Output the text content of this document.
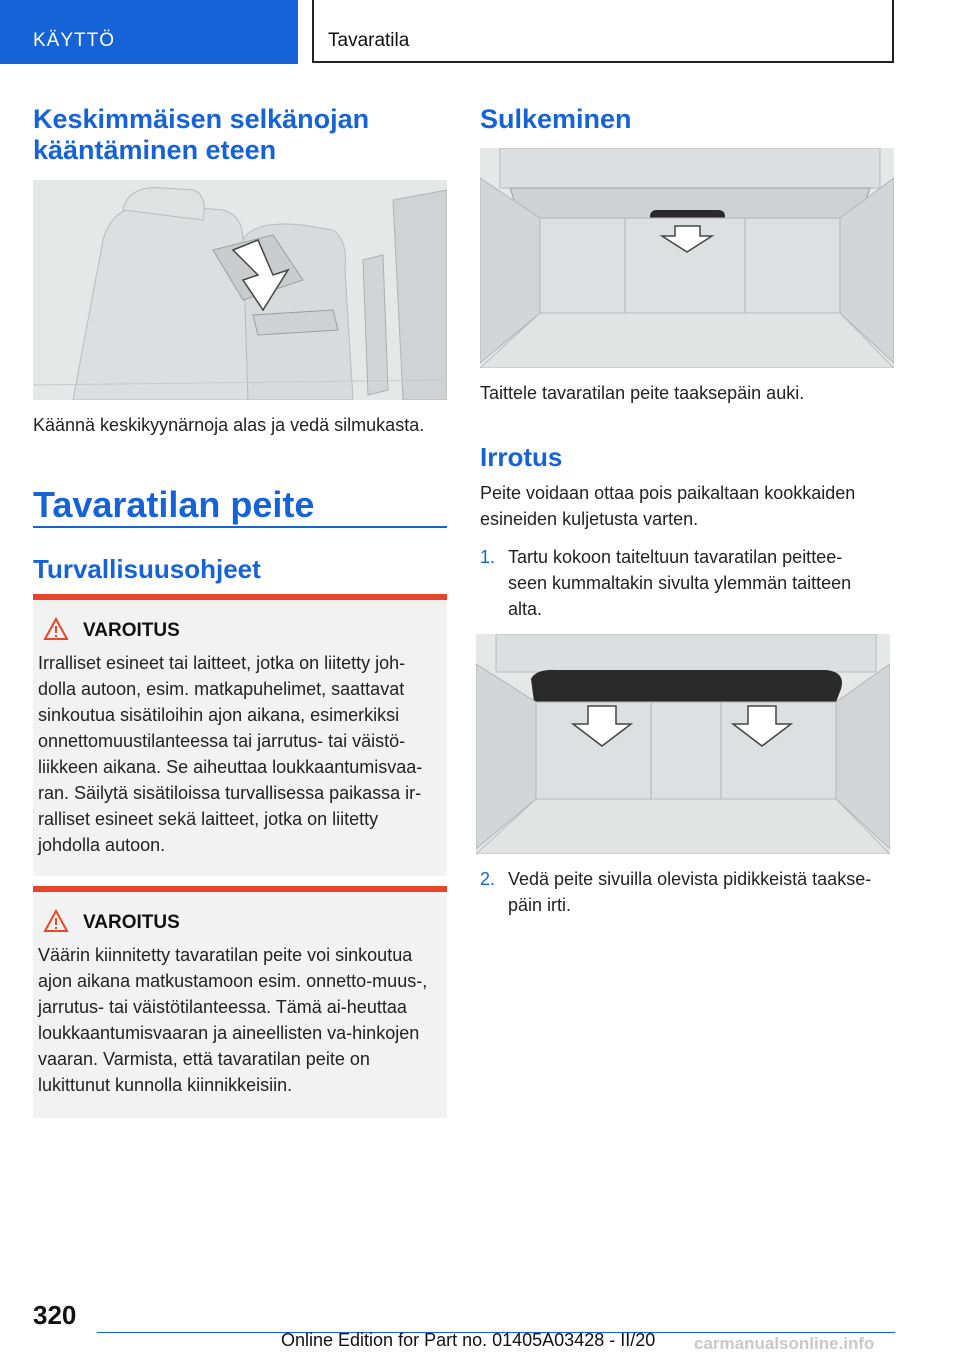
KÄYTTÖ	Tavaratila
Keskimmäisen selkänojan kääntäminen eteen
Käännä keskikyynärnoja alas ja vedä silmukasta.
Tavaratilan peite
Turvallisuusohjeet
VAROITUS
Irralliset esineet tai laitteet, jotka on liitetty joh-dolla autoon, esim. matkapuhelimet, saattavat sinkoutua sisätiloihin ajon aikana, esimerkiksi onnettomuustilanteessa tai jarrutus- tai väistö-liikkeen aikana. Se aiheuttaa loukkaantumisvaa-ran. Säilytä sisätiloissa turvallisessa paikassa ir-ralliset esineet sekä laitteet, jotka on liitetty johdolla autoon.
VAROITUS
Väärin kiinnitetty tavaratilan peite voi sinkoutua ajon aikana matkustamoon esim. onnetto-muus-, jarrutus- tai väistötilanteessa. Tämä ai-heuttaa loukkaantumisvaaran ja aineellisten va-hinkojen vaaran. Varmista, että tavaratilan peite on lukittunut kunnolla kiinnikkeisiin.
Sulkeminen
Taittele tavaratilan peite taaksepäin auki.
Irrotus
Peite voidaan ottaa pois paikaltaan kookkaiden esineiden kuljetusta varten.
1. Tartu kokoon taiteltuun tavaratilan peittee-seen kummaltakin sivulta ylemmän taitteen alta.
2. Vedä peite sivuilla olevista pidikkeistä taakse-päin irti.
320
Online Edition for Part no. 01405A03428 - II/20 carmanualsonline.info
